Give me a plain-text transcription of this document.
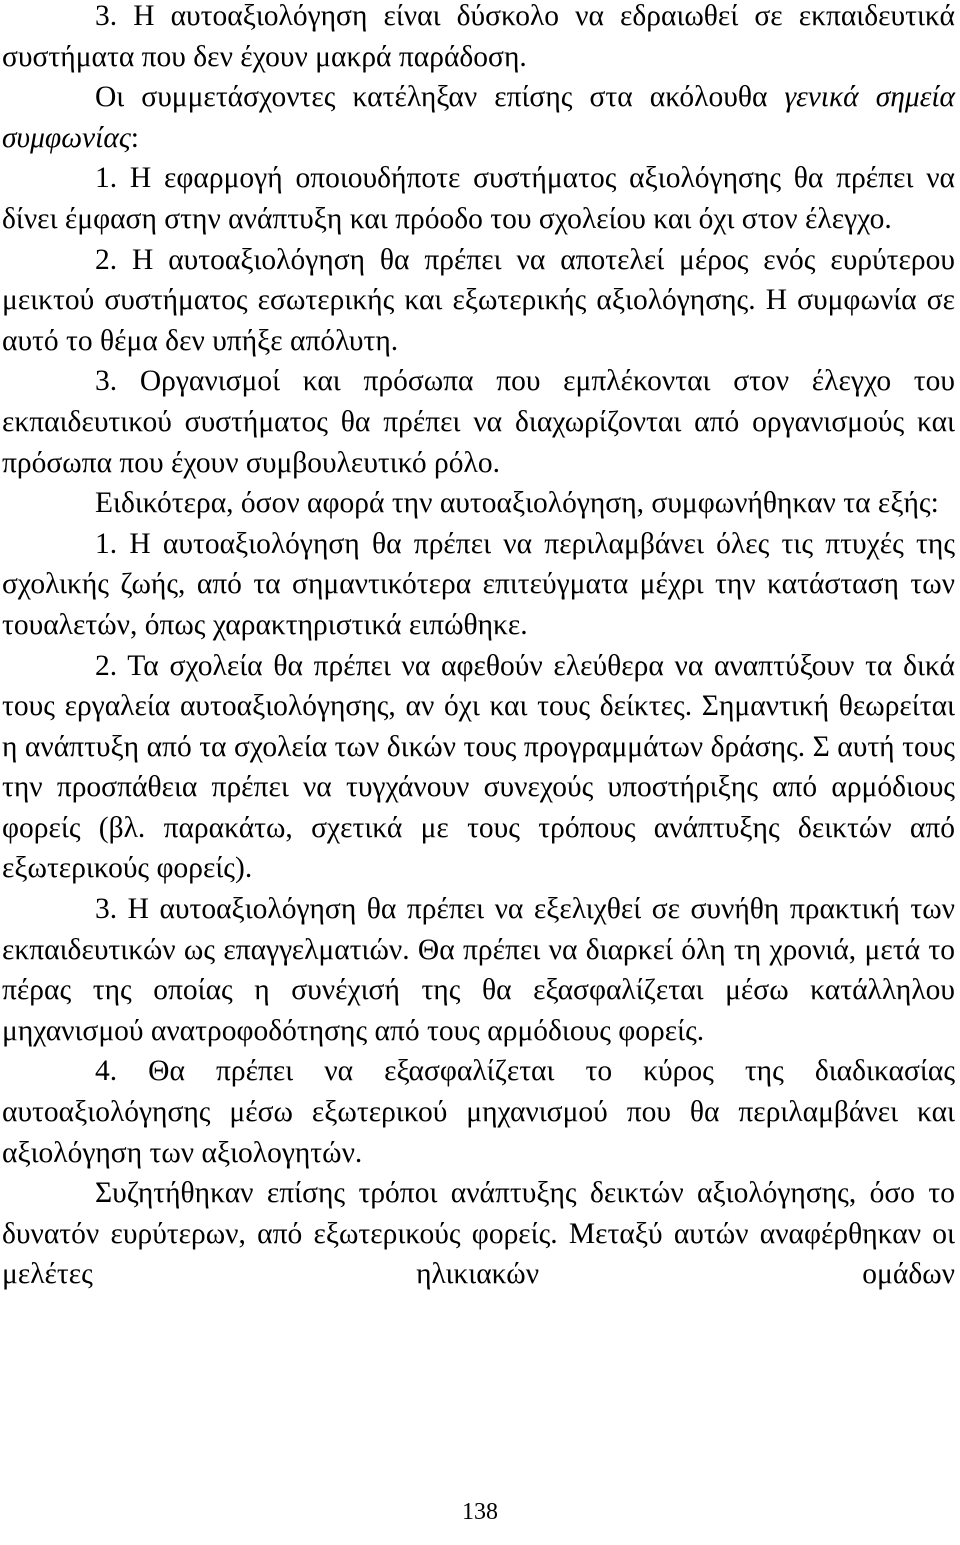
3. Η αυτοαξιολόγηση είναι δύσκολο να εδραιωθεί σε εκπαιδευτικά συστήματα που δεν έχουν μακρά παράδοση.

Οι συμμετάσχοντες κατέληξαν επίσης στα ακόλουθα γενικά σημεία συμφωνίας:

1. Η εφαρμογή οποιουδήποτε συστήματος αξιολόγησης θα πρέπει να δίνει έμφαση στην ανάπτυξη και πρόοδο του σχολείου και όχι στον έλεγχο.

2. Η αυτοαξιολόγηση θα πρέπει να αποτελεί μέρος ενός ευρύτερου μεικτού συστήματος εσωτερικής και εξωτερικής αξιολόγησης. Η συμφωνία σε αυτό το θέμα δεν υπήξε απόλυτη.

3. Οργανισμοί και πρόσωπα που εμπλέκονται στον έλεγχο του εκπαιδευτικού συστήματος θα πρέπει να διαχωρίζονται από οργανισμούς και πρόσωπα που έχουν συμβουλευτικό ρόλο.

Ειδικότερα, όσον αφορά την αυτοαξιολόγηση, συμφωνήθηκαν τα εξής:

1. Η αυτοαξιολόγηση θα πρέπει να περιλαμβάνει όλες τις πτυχές της σχολικής ζωής, από τα σημαντικότερα επιτεύγματα μέχρι την κατάσταση των τουαλετών, όπως χαρακτηριστικά ειπώθηκε.

2. Τα σχολεία θα πρέπει να αφεθούν ελεύθερα να αναπτύξουν τα δικά τους εργαλεία αυτοαξιολόγησης, αν όχι και τους δείκτες. Σημαντική θεωρείται η ανάπτυξη από τα σχολεία των δικών τους προγραμμάτων δράσης. Σ αυτή τους την προσπάθεια πρέπει να τυγχάνουν συνεχούς υποστήριξης από αρμόδιους φορείς (βλ. παρακάτω, σχετικά με τους τρόπους ανάπτυξης δεικτών από εξωτερικούς φορείς).

3. Η αυτοαξιολόγηση θα πρέπει να εξελιχθεί σε συνήθη πρακτική των εκπαιδευτικών ως επαγγελματιών. Θα πρέπει να διαρκεί όλη τη χρονιά, μετά το πέρας της οποίας η συνέχισή της θα εξασφαλίζεται μέσω κατάλληλου μηχανισμού ανατροφοδότησης από τους αρμόδιους φορείς.

4. Θα πρέπει να εξασφαλίζεται το κύρος της διαδικασίας αυτοαξιολόγησης μέσω εξωτερικού μηχανισμού που θα περιλαμβάνει και αξιολόγηση των αξιολογητών.

Συζητήθηκαν επίσης τρόποι ανάπτυξης δεικτών αξιολόγησης, όσο το δυνατόν ευρύτερων, από εξωτερικούς φορείς. Μεταξύ αυτών αναφέρθηκαν οι μελέτες ηλικιακών ομάδων

138
